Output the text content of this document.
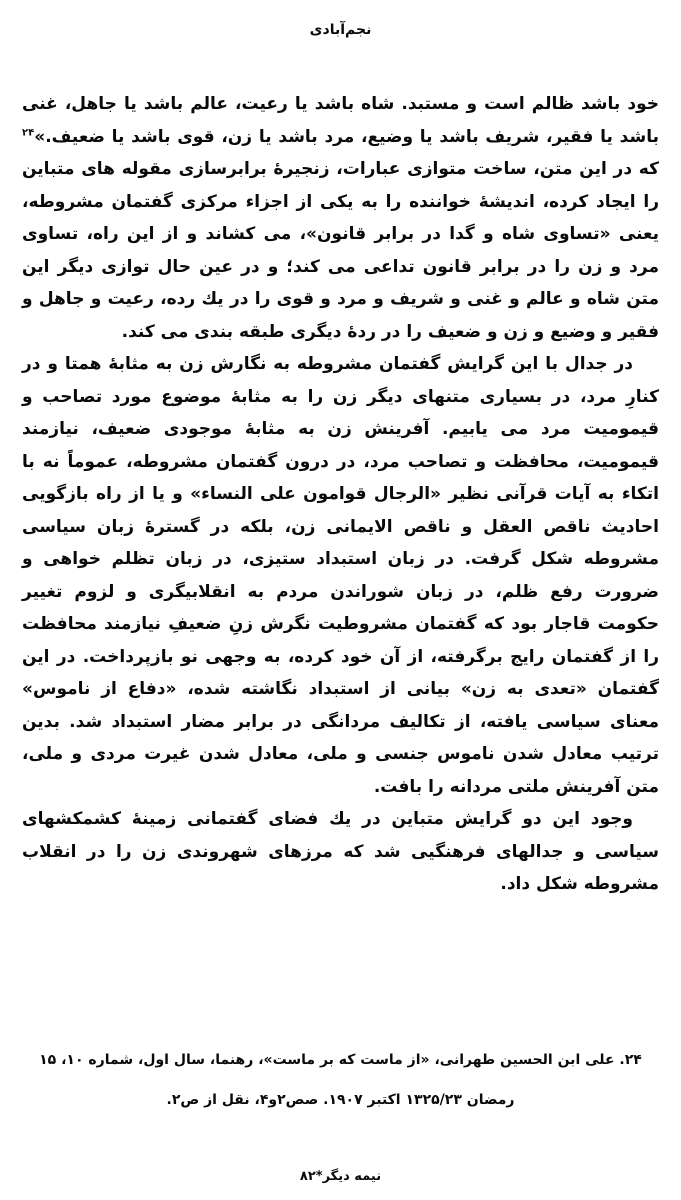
نجم‌آبادی

خود باشد ظالم است و مستبد. شاه باشد یا رعیت، عالم باشد یا جاهل، غنی باشد یا فقیر، شریف باشد یا وضیع، مرد باشد یا زن، قوی باشد یا ضعیف.»$^{۲۴}$ که در این متن، ساخت متوازی عبارات، زنجیرهٔ برابرسازی مقوله های متباین را ایجاد کرده، اندیشهٔ خواننده را به یکی از اجزاء مرکزی گفتمان مشروطه، یعنی «تساوی شاه و گدا در برابر قانون»، می کشاند و از این راه، تساوی مرد و زن را در برابر قانون تداعی می کند؛ و در عین حال توازی دیگر این متن شاه و عالم و غنی و شریف و مرد و قوی را در یك رده، رعیت و جاهل و فقیر و وضیع و زن و ضعیف را در ردهٔ دیگری طبقه بندی می کند.

در جدال با این گرایش گفتمان مشروطه به نگارش زن به مثابهٔ همتا و در کنارِ مرد، در بسیاری متنهای دیگر زن را به مثابهٔ موضوع مورد تصاحب و قیمومیت مرد می یابیم. آفرینش زن به مثابهٔ موجودی ضعیف، نیازمند قیمومیت، محافظت و تصاحب مرد، در درون گفتمان مشروطه، عموماً نه با اتکاء به آیات قرآنی نظیر «الرجال قوامون علی النساء» و یا از راه بازگویی احادیث ناقص العقل و ناقص الایمانی زن، بلکه در گسترهٔ زبان سیاسی مشروطه شکل گرفت. در زبان استبداد ستیزی، در زبان تظلم خواهی و ضرورت رفع ظلم، در زبان شوراندن مردم به انقلابیگری و لزوم تغییر حکومت قاجار بود که گفتمان مشروطیت نگرش زنِ ضعیفِ نیازمند محافظت را از گفتمان رایج برگرفته، از آن خود کرده، به وجهی نو بازپرداخت. در این گفتمان «تعدی به زن» بیانی از استبداد نگاشته شده، «دفاع از ناموس» معنای سیاسی یافته، از تکالیف مردانگی در برابر مضار استبداد شد. بدین ترتیب معادل شدن ناموس جنسی و ملی، معادل شدن غیرت مردی و ملی، متن آفرینش ملتی مردانه را بافت.

وجود این دو گرایش متباین در یك فضای گفتمانی زمینهٔ کشمکشهای سیاسی و جدالهای فرهنگیی شد که مرزهای شهروندی زن را در انقلاب مشروطه شکل داد.

۲۴. علی ابن الحسین طهرانی، «از ماست که بر ماست»، رهنما، سال اول، شماره ۱۰، ۱۵ رمضان ۱۳۲۵/۲۳ اکتبر ۱۹۰۷. صص۲و۴، نقل از ص۲.
نیمه دیگر*۸۲
